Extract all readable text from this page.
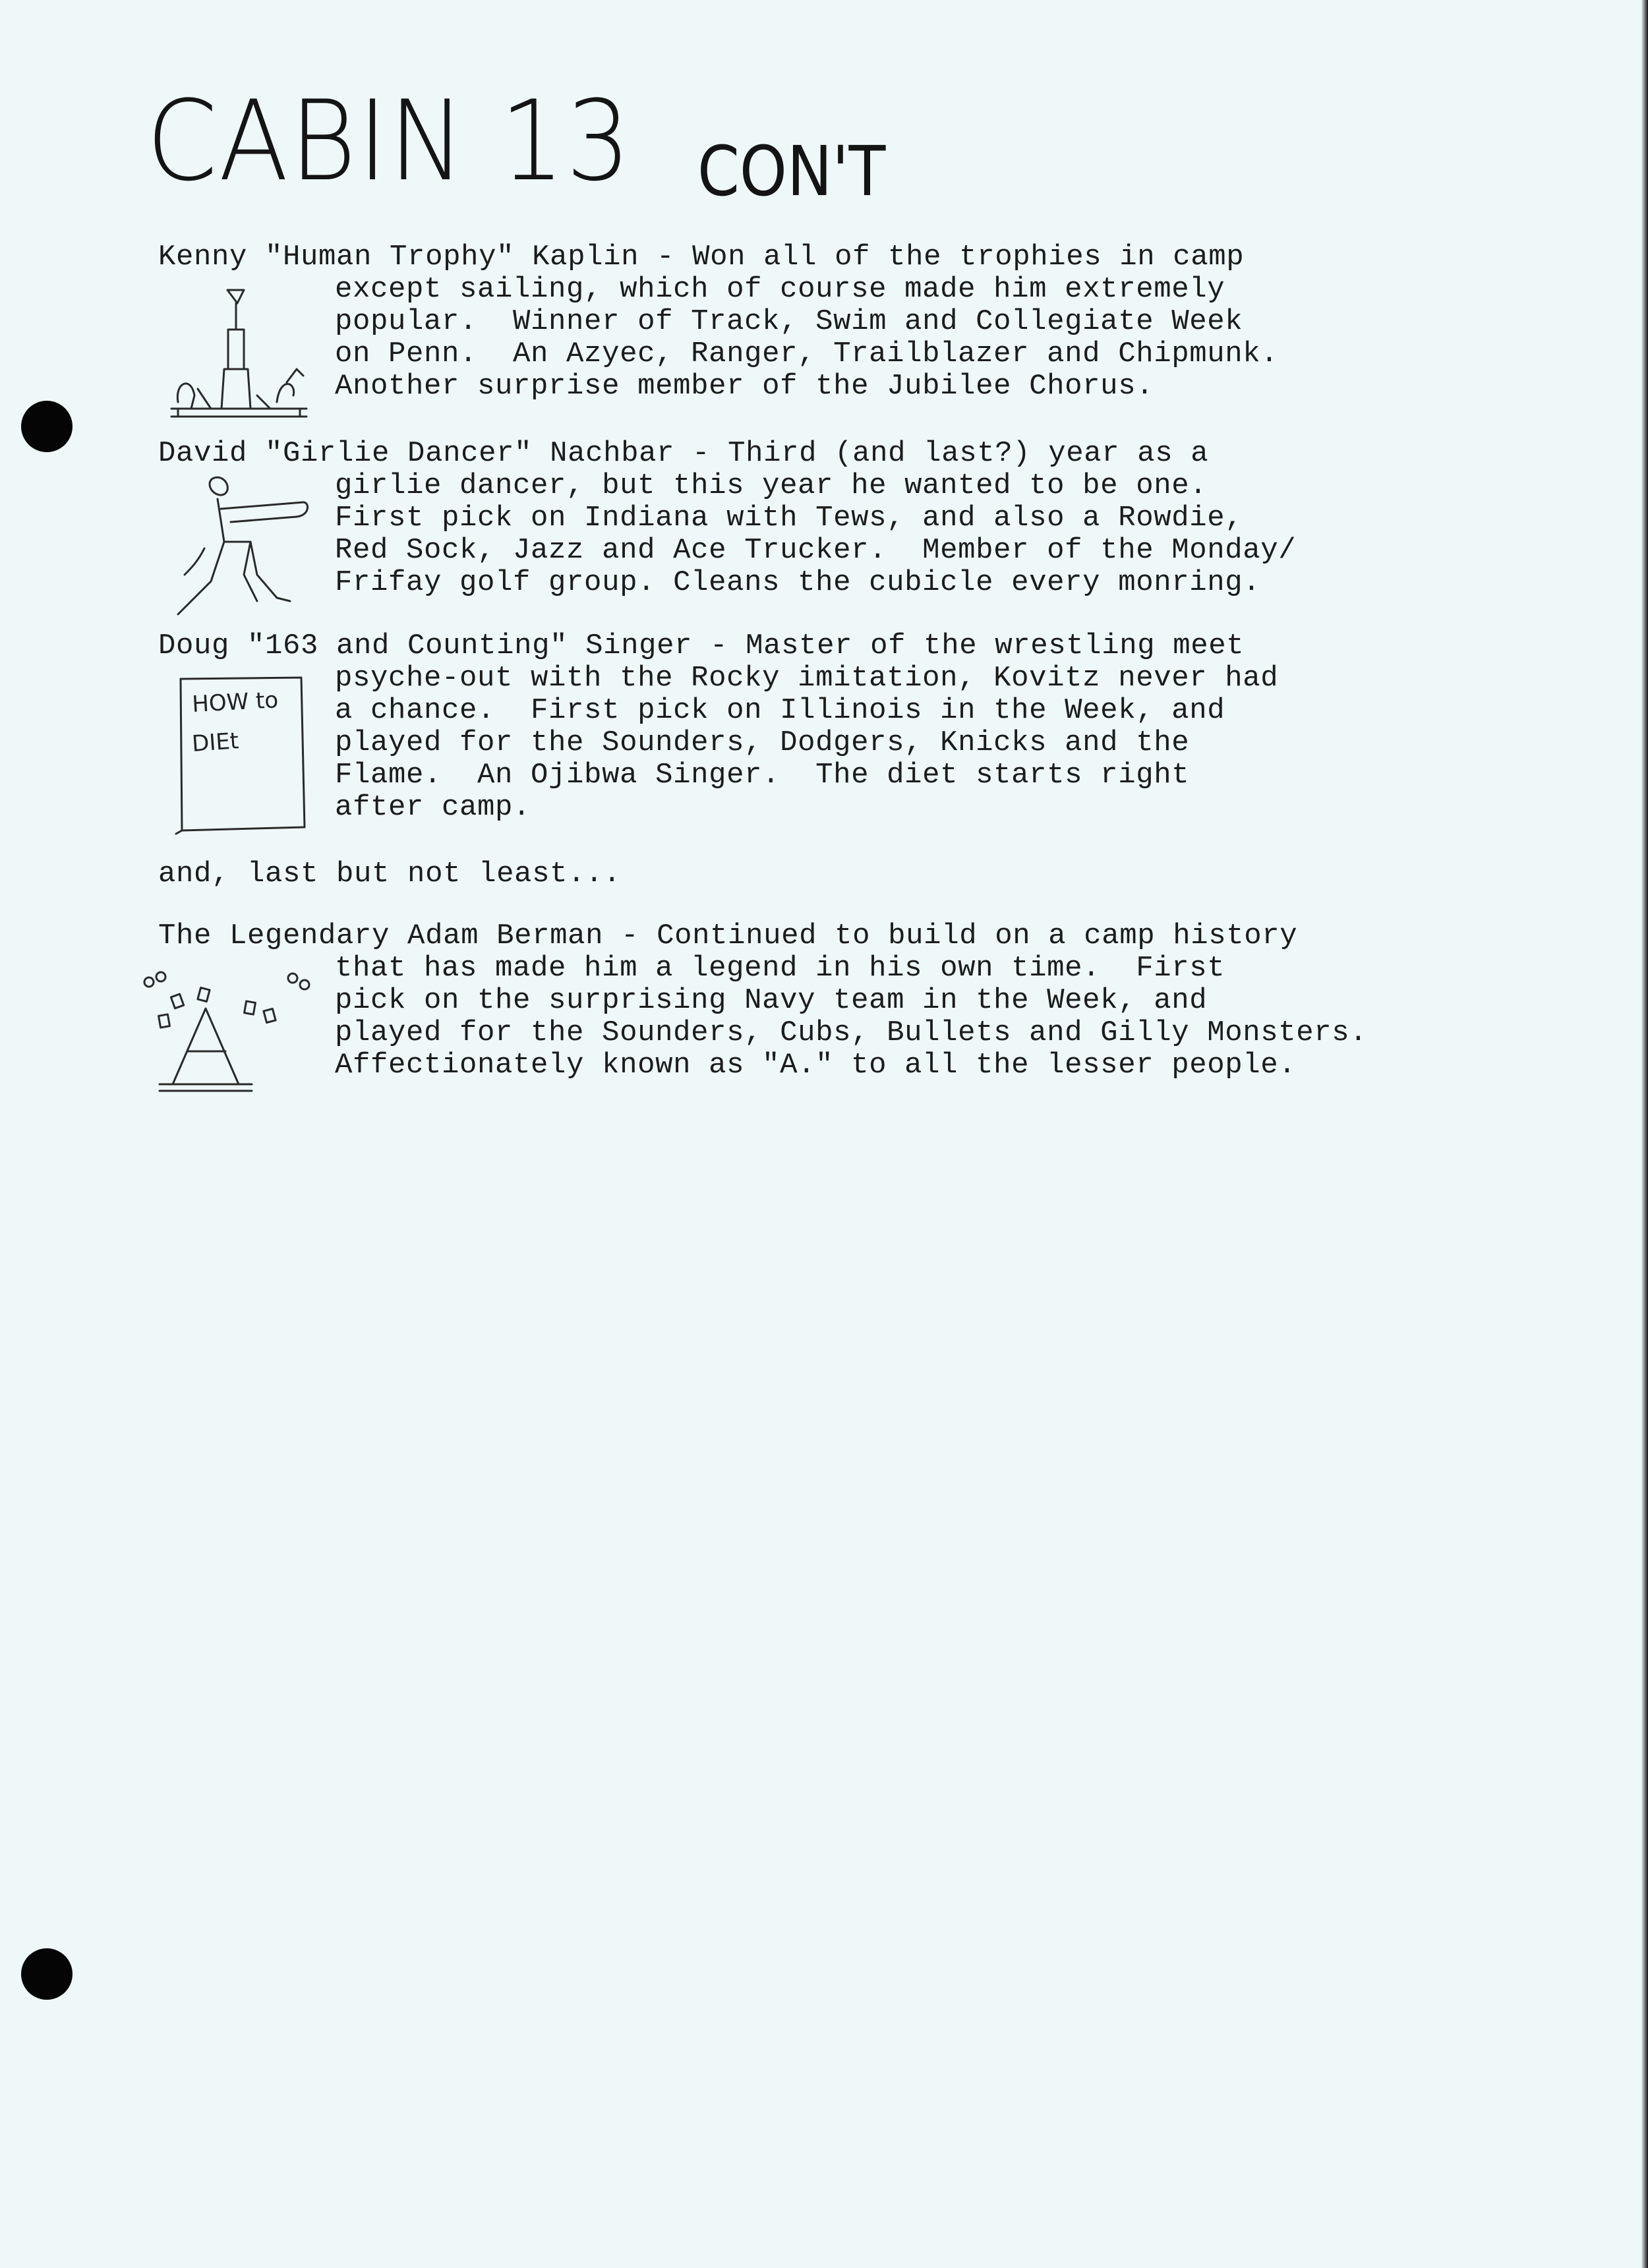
CABIN 13 CON'T
Kenny "Human Trophy" Kaplin - Won all of the trophies in camp
except sailing, which of course made him extremely
popular.  Winner of Track, Swim and Collegiate Week
on Penn.  An Azyec, Ranger, Trailblazer and Chipmunk.
Another surprise member of the Jubilee Chorus.
David "Girlie Dancer" Nachbar - Third (and last?) year as a
girlie dancer, but this year he wanted to be one.
First pick on Indiana with Tews, and also a Rowdie,
Red Sock, Jazz and Ace Trucker.  Member of the Monday/
Frifay golf group. Cleans the cubicle every monring.
Doug "163 and Counting" Singer - Master of the wrestling meet
psyche-out with the Rocky imitation, Kovitz never had
a chance.  First pick on Illinois in the Week, and
played for the Sounders, Dodgers, Knicks and the
Flame.  An Ojibwa Singer.  The diet starts right
after camp.
and, last but not least...
The Legendary Adam Berman - Continued to build on a camp history
that has made him a legend in his own time.  First
pick on the surprising Navy team in the Week, and
played for the Sounders, Cubs, Bullets and Gilly Monsters.
Affectionately known as "A." to all the lesser people.
HOW to
DIEt
